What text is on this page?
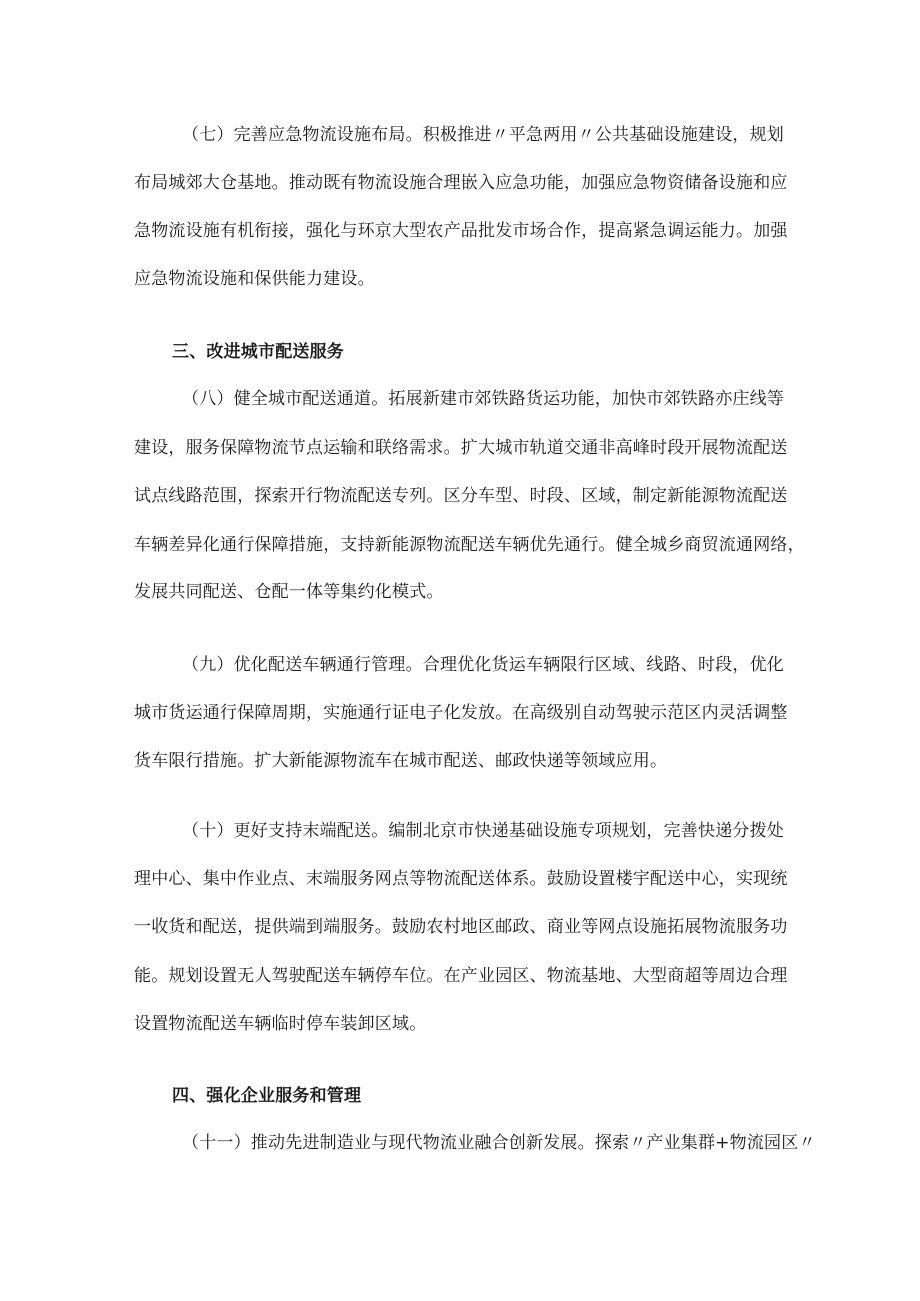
（七）完善应急物流设施布局。积极推进〃平急两用〃公共基础设施建设，规划
布局城郊大仓基地。推动既有物流设施合理嵌入应急功能，加强应急物资储备设施和应
急物流设施有机衔接，强化与环京大型农产品批发市场合作，提高紧急调运能力。加强
应急物流设施和保供能力建设。
三、改进城市配送服务
（八）健全城市配送通道。拓展新建市郊铁路货运功能，加快市郊铁路亦庄线等
建设，服务保障物流节点运输和联络需求。扩大城市轨道交通非高峰时段开展物流配送
试点线路范围，探索开行物流配送专列。区分车型、时段、区域，制定新能源物流配送
车辆差异化通行保障措施，支持新能源物流配送车辆优先通行。健全城乡商贸流通网络，
发展共同配送、仓配一体等集约化模式。
（九）优化配送车辆通行管理。合理优化货运车辆限行区域、线路、时段，优化
城市货运通行保障周期，实施通行证电子化发放。在高级别自动驾驶示范区内灵活调整
货车限行措施。扩大新能源物流车在城市配送、邮政快递等领域应用。
（十）更好支持末端配送。编制北京市快递基础设施专项规划，完善快递分拨处
理中心、集中作业点、末端服务网点等物流配送体系。鼓励设置楼宇配送中心，实现统
一收货和配送，提供端到端服务。鼓励农村地区邮政、商业等网点设施拓展物流服务功
能。规划设置无人驾驶配送车辆停车位。在产业园区、物流基地、大型商超等周边合理
设置物流配送车辆临时停车装卸区域。
四、强化企业服务和管理
（十一）推动先进制造业与现代物流业融合创新发展。探索〃产业集群+物流园区〃
